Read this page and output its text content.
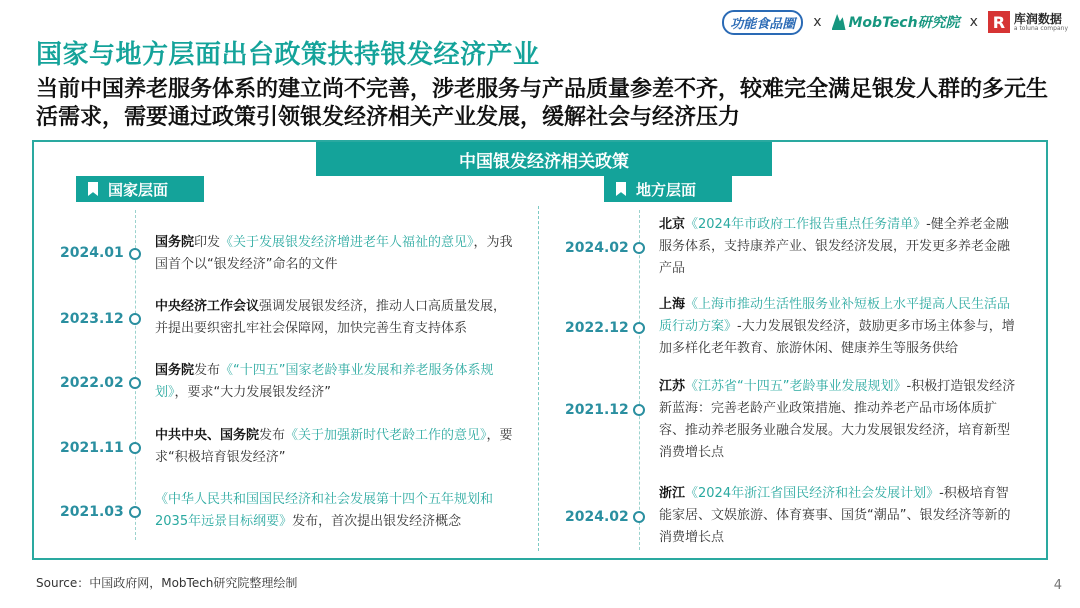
功能食品圈	x MobTech研究院 x R 库润数据
a toluna company
国家与地方层面出台政策扶持银发经济产业
当前中国养老服务体系的建立尚不完善，涉老服务与产品质量参差不齐，较难完全满足银发人群的多元生活需求，需要通过政策引领银发经济相关产业发展，缓解社会与经济压力
中国银发经济相关政策
国家层面	地方层面
2024.01
国务院印发《关于发展银发经济增进老年人福祉的意见》，为我国首个以“银发经济”命名的文件
2023.12
中央经济工作会议强调发展银发经济，推动人口高质量发展，并提出要织密扎牢社会保障网，加快完善生育支持体系
2022.02
国务院发布《“十四五”国家老龄事业发展和养老服务体系规划》，要求“大力发展银发经济”
2021.11
中共中央、国务院发布《关于加强新时代老龄工作的意见》，要求“积极培育银发经济”
2021.03
《中华人民共和国国民经济和社会发展第十四个五年规划和2035年远景目标纲要》发布，首次提出银发经济概念
2024.02
北京《2024年市政府工作报告重点任务清单》-健全养老金融服务体系，支持康养产业、银发经济发展，开发更多养老金融产品
2022.12
上海《上海市推动生活性服务业补短板上水平提高人民生活品质行动方案》-大力发展银发经济，鼓励更多市场主体参与，增加多样化老年教育、旅游休闲、健康养生等服务供给
2021.12
江苏《江苏省“十四五”老龄事业发展规划》-积极打造银发经济新蓝海：完善老龄产业政策措施、推动养老产品市场体质扩容、推动养老服务业融合发展。大力发展银发经济，培育新型消费增长点
2024.02
浙江《2024年浙江省国民经济和社会发展计划》-积极培育智能家居、文娱旅游、体育赛事、国货“潮品”、银发经济等新的消费增长点
Source：中国政府网，MobTech研究院整理绘制	4
